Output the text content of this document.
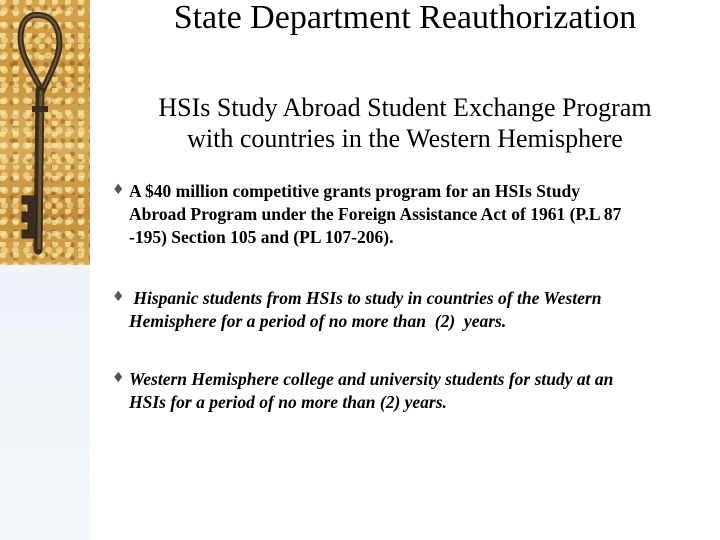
State Department Reauthorization
HSIs Study Abroad Student Exchange Program
with countries in the Western Hemisphere
♦ A $40 million competitive grants program for an HSIs Study
Abroad Program under the Foreign Assistance Act of 1961 (P.L 87
-195) Section 105 and (PL 107-206).
♦ Hispanic students from HSIs to study in countries of the Western
Hemisphere for a period of no more than  (2)  years.
♦ Western Hemisphere college and university students for study at an
HSIs for a period of no more than (2) years.
